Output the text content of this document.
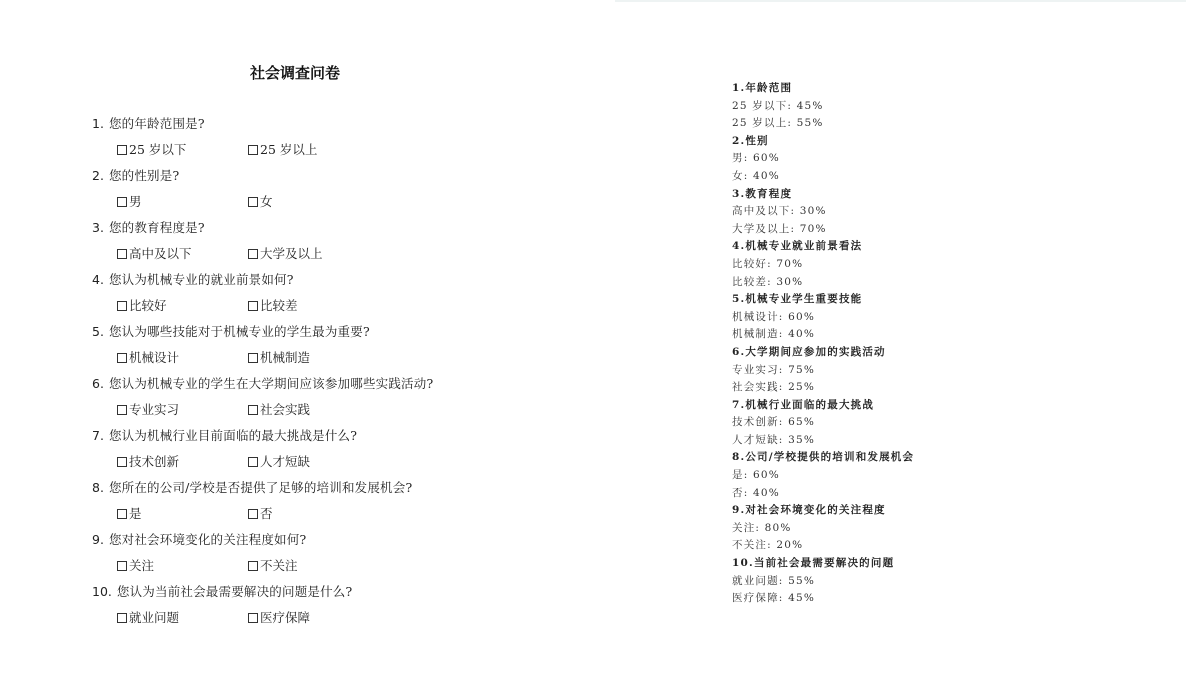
社会调查问卷
1. 您的年龄范围是?
25 岁以下	25 岁以上
2. 您的性别是?
男	女
3. 您的教育程度是?
高中及以下	大学及以上
4. 您认为机械专业的就业前景如何?
比较好	比较差
5. 您认为哪些技能对于机械专业的学生最为重要?
机械设计	机械制造
6. 您认为机械专业的学生在大学期间应该参加哪些实践活动?
专业实习	社会实践
7. 您认为机械行业目前面临的最大挑战是什么?
技术创新	人才短缺
8. 您所在的公司/学校是否提供了足够的培训和发展机会?
是	否
9. 您对社会环境变化的关注程度如何?
关注	不关注
10. 您认为当前社会最需要解决的问题是什么?
就业问题	医疗保障
1.年龄范围
25 岁以下: 45%
25 岁以上: 55%
2.性别
男: 60%
女: 40%
3.教育程度
高中及以下: 30%
大学及以上: 70%
4.机械专业就业前景看法
比较好: 70%
比较差: 30%
5.机械专业学生重要技能
机械设计: 60%
机械制造: 40%
6.大学期间应参加的实践活动
专业实习: 75%
社会实践: 25%
7.机械行业面临的最大挑战
技术创新: 65%
人才短缺: 35%
8.公司/学校提供的培训和发展机会
是: 60%
否: 40%
9.对社会环境变化的关注程度
关注: 80%
不关注: 20%
10.当前社会最需要解决的问题
就业问题: 55%
医疗保障: 45%
